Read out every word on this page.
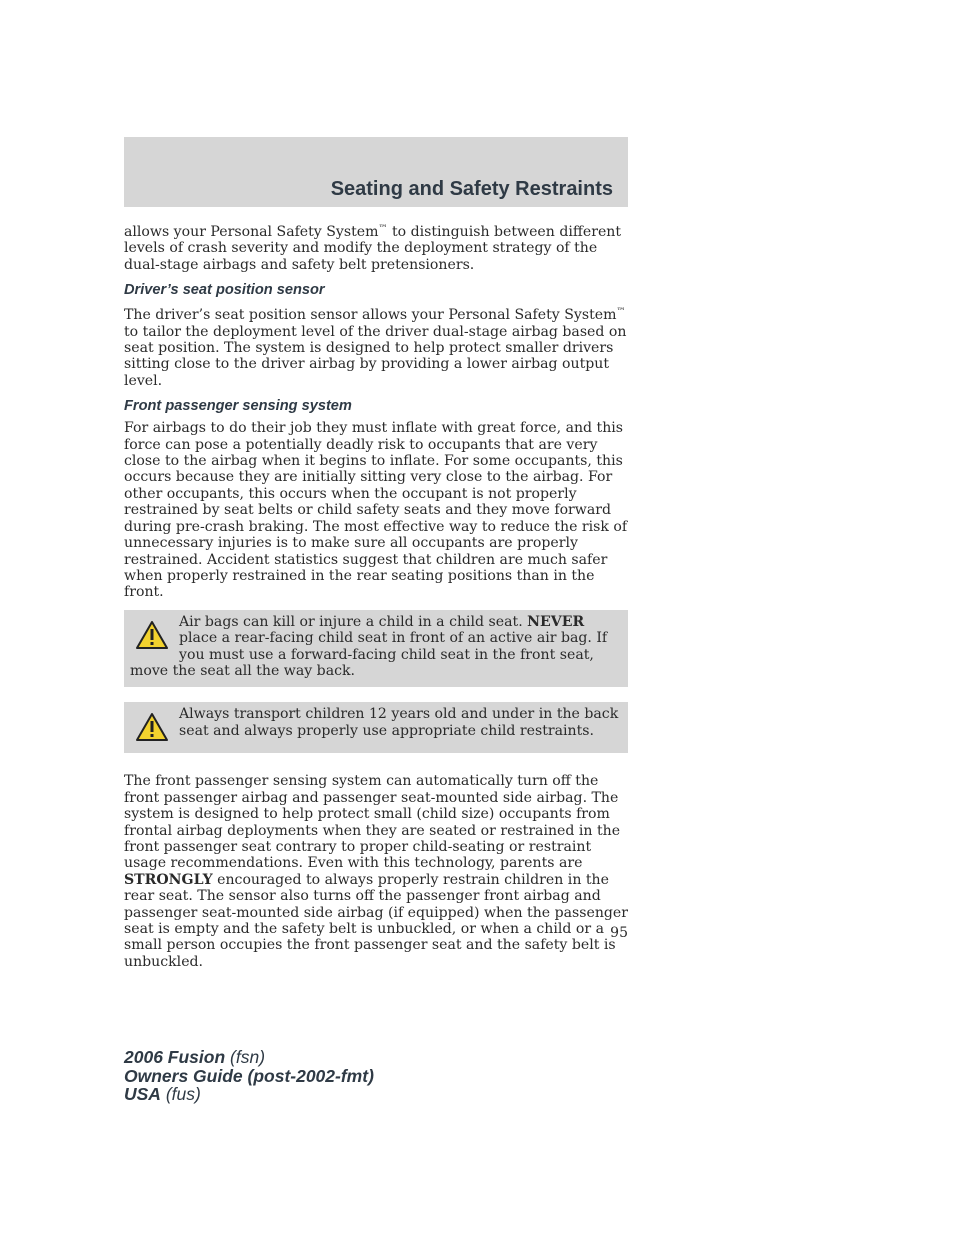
Seating and Safety Restraints

allows your Personal Safety System™ to distinguish between different levels of crash severity and modify the deployment strategy of the dual-stage airbags and safety belt pretensioners.

Driver’s seat position sensor

The driver’s seat position sensor allows your Personal Safety System™ to tailor the deployment level of the driver dual-stage airbag based on seat position. The system is designed to help protect smaller drivers sitting close to the driver airbag by providing a lower airbag output level.

Front passenger sensing system

For airbags to do their job they must inflate with great force, and this force can pose a potentially deadly risk to occupants that are very close to the airbag when it begins to inflate. For some occupants, this occurs because they are initially sitting very close to the airbag. For other occupants, this occurs when the occupant is not properly restrained by seat belts or child safety seats and they move forward during pre-crash braking. The most effective way to reduce the risk of unnecessary injuries is to make sure all occupants are properly restrained. Accident statistics suggest that children are much safer when properly restrained in the rear seating positions than in the front.

Air bags can kill or injure a child in a child seat. NEVER place a rear-facing child seat in front of an active air bag. If you must use a forward-facing child seat in the front seat, move the seat all the way back.
Always transport children 12 years old and under in the back seat and always properly use appropriate child restraints.

The front passenger sensing system can automatically turn off the front passenger airbag and passenger seat-mounted side airbag. The system is designed to help protect small (child size) occupants from frontal airbag deployments when they are seated or restrained in the front passenger seat contrary to proper child-seating or restraint usage recommendations. Even with this technology, parents are STRONGLY encouraged to always properly restrain children in the rear seat. The sensor also turns off the passenger front airbag and passenger seat-mounted side airbag (if equipped) when the passenger seat is empty and the safety belt is unbuckled, or when a child or a small person occupies the front passenger seat and the safety belt is unbuckled.

95
2006 Fusion (fsn)
Owners Guide (post-2002-fmt)
USA (fus)
